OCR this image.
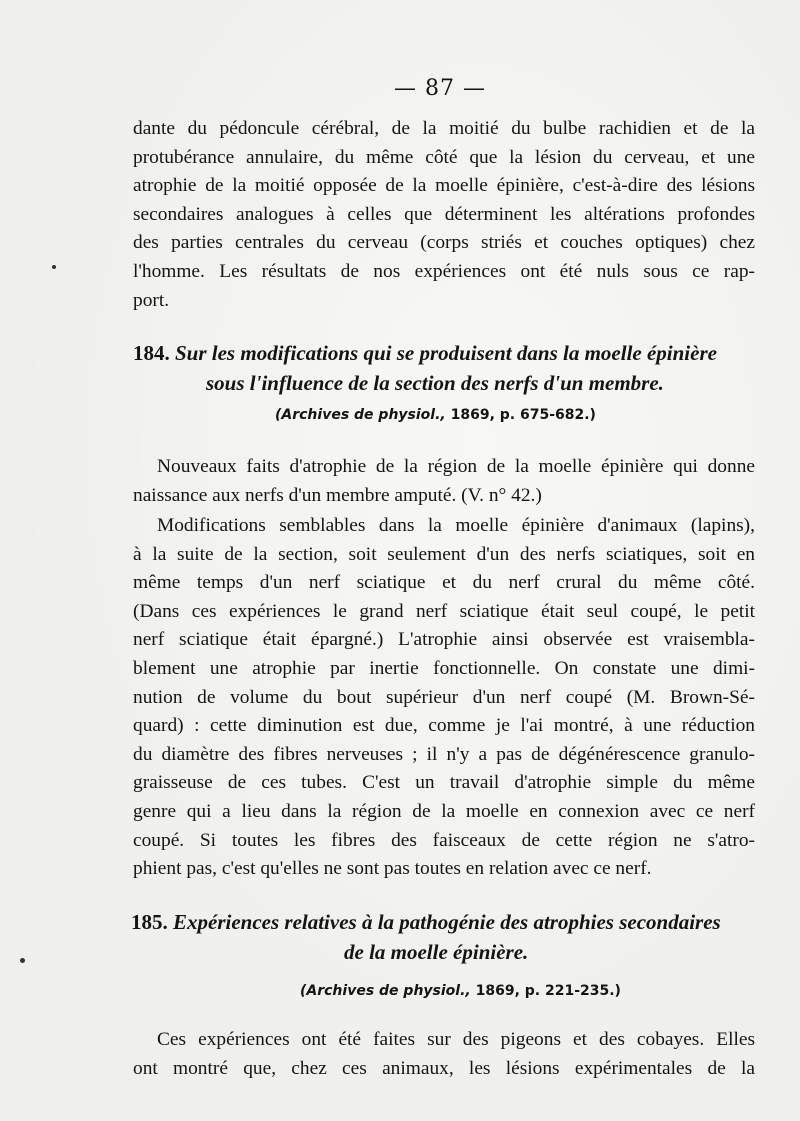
— 87 —
dante du pédoncule cérébral, de la moitié du bulbe rachidien et de la
protubérance annulaire, du même côté que la lésion du cerveau, et une
atrophie de la moitié opposée de la moelle épinière, c'est-à-dire des lésions
secondaires analogues à celles que déterminent les altérations profondes
des parties centrales du cerveau (corps striés et couches optiques) chez
l'homme. Les résultats de nos expériences ont été nuls sous ce rap-
port.
184. Sur les modifications qui se produisent dans la moelle épinière
sous l'influence de la section des nerfs d'un membre.
(Archives de physiol., 1869, p. 675-682.)
Nouveaux faits d'atrophie de la région de la moelle épinière qui donne
naissance aux nerfs d'un membre amputé. (V. n° 42.)
Modifications semblables dans la moelle épinière d'animaux (lapins),
à la suite de la section, soit seulement d'un des nerfs sciatiques, soit en
même temps d'un nerf sciatique et du nerf crural du même côté.
(Dans ces expériences le grand nerf sciatique était seul coupé, le petit
nerf sciatique était épargné.) L'atrophie ainsi observée est vraisembla-
blement une atrophie par inertie fonctionnelle. On constate une dimi-
nution de volume du bout supérieur d'un nerf coupé (M. Brown-Sé-
quard) : cette diminution est due, comme je l'ai montré, à une réduction
du diamètre des fibres nerveuses ; il n'y a pas de dégénérescence granulo-
graisseuse de ces tubes. C'est un travail d'atrophie simple du même
genre qui a lieu dans la région de la moelle en connexion avec ce nerf
coupé. Si toutes les fibres des faisceaux de cette région ne s'atro-
phient pas, c'est qu'elles ne sont pas toutes en relation avec ce nerf.
185. Expériences relatives à la pathogénie des atrophies secondaires
de la moelle épinière.
(Archives de physiol., 1869, p. 221-235.)
Ces expériences ont été faites sur des pigeons et des cobayes. Elles
ont montré que, chez ces animaux, les lésions expérimentales de la
